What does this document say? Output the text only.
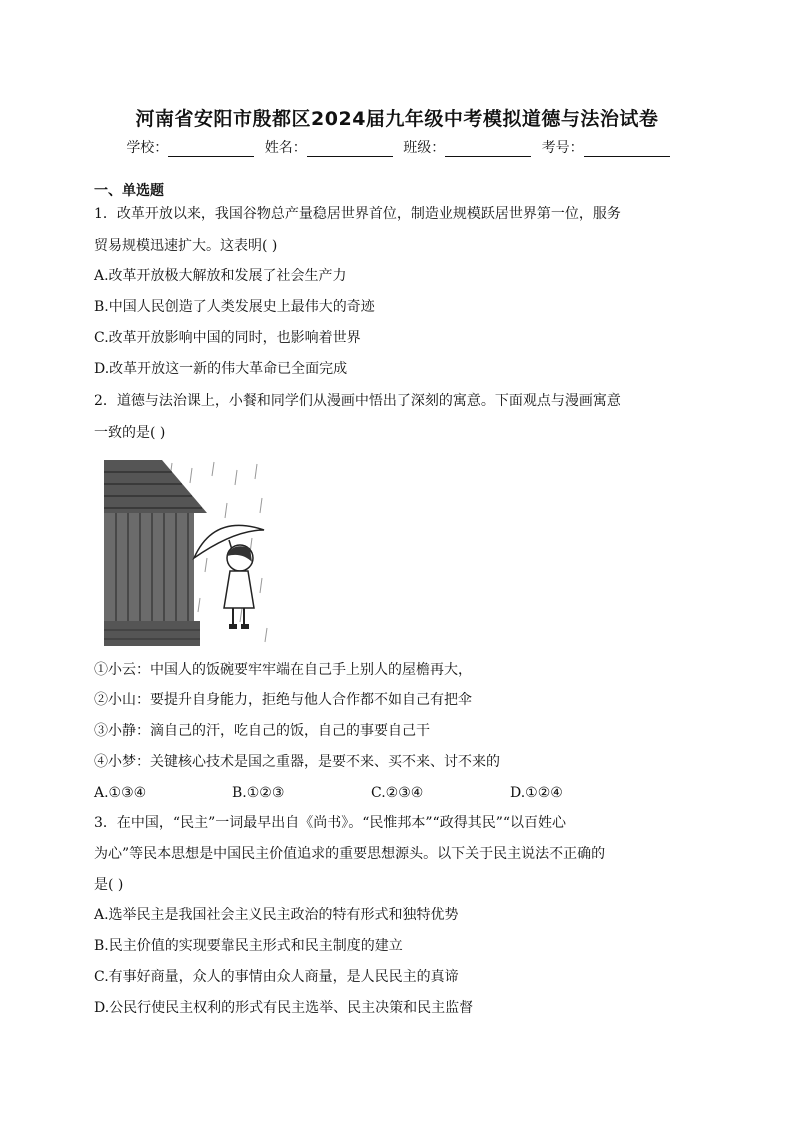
河南省安阳市殷都区2024届九年级中考模拟道德与法治试卷
学校：	姓名：	班级：	考号：
一、单选题
1．改革开放以来，我国谷物总产量稳居世界首位，制造业规模跃居世界第一位，服务
贸易规模迅速扩大。这表明( )
A.改革开放极大解放和发展了社会生产力
B.中国人民创造了人类发展史上最伟大的奇迹
C.改革开放影响中国的同时，也影响着世界
D.改革开放这一新的伟大革命已全面完成
2．道德与法治课上，小餐和同学们从漫画中悟出了深刻的寓意。下面观点与漫画寓意
一致的是( )
①小云：中国人的饭碗要牢牢端在自己手上别人的屋檐再大，
②小山：要提升自身能力，拒绝与他人合作都不如自己有把伞
③小静：滴自己的汗，吃自己的饭，自己的事要自己干
④小梦：关键核心技术是国之重器，是要不来、买不来、讨不来的
A.①③④	B.①②③	C.②③④	D.①②④
3．在中国，“民主”一词最早出自《尚书》。“民惟邦本”“政得其民”“以百姓心
为心”等民本思想是中国民主价值追求的重要思想源头。以下关于民主说法不正确的
是( )
A.选举民主是我国社会主义民主政治的特有形式和独特优势
B.民主价值的实现要靠民主形式和民主制度的建立
C.有事好商量，众人的事情由众人商量，是人民民主的真谛
D.公民行使民主权利的形式有民主选举、民主决策和民主监督
